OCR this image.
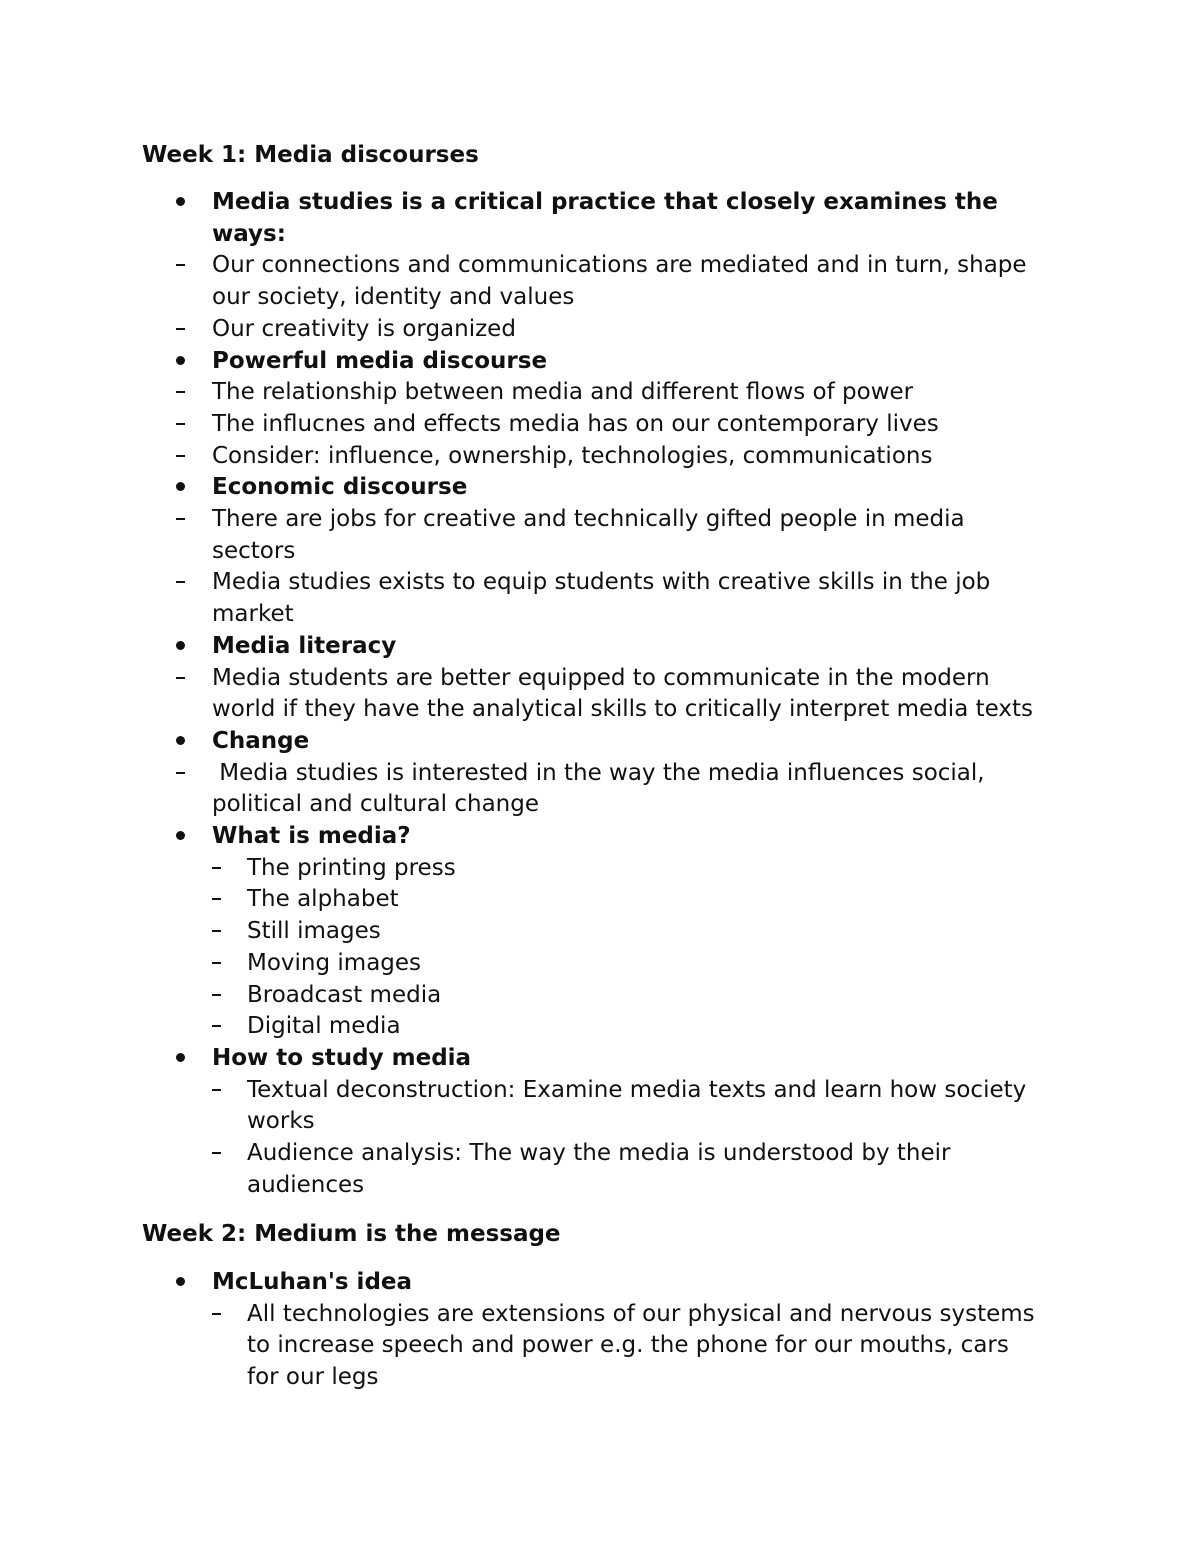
Week 1: Media discourses
Media studies is a critical practice that closely examines the
ways:
Our connections and communications are mediated and in turn, shape
our society, identity and values
Our creativity is organized
Powerful media discourse
The relationship between media and different flows of power
The influcnes and effects media has on our contemporary lives
Consider: influence, ownership, technologies, communications
Economic discourse
There are jobs for creative and technically gifted people in media
sectors
Media studies exists to equip students with creative skills in the job
market
Media literacy
Media students are better equipped to communicate in the modern
world if they have the analytical skills to critically interpret media texts
Change
Media studies is interested in the way the media influences social,
political and cultural change
What is media?
The printing press
The alphabet
Still images
Moving images
Broadcast media
Digital media
How to study media
Textual deconstruction: Examine media texts and learn how society
works
Audience analysis: The way the media is understood by their
audiences
Week 2: Medium is the message
McLuhan's idea
All technologies are extensions of our physical and nervous systems
to increase speech and power e.g. the phone for our mouths, cars
for our legs
